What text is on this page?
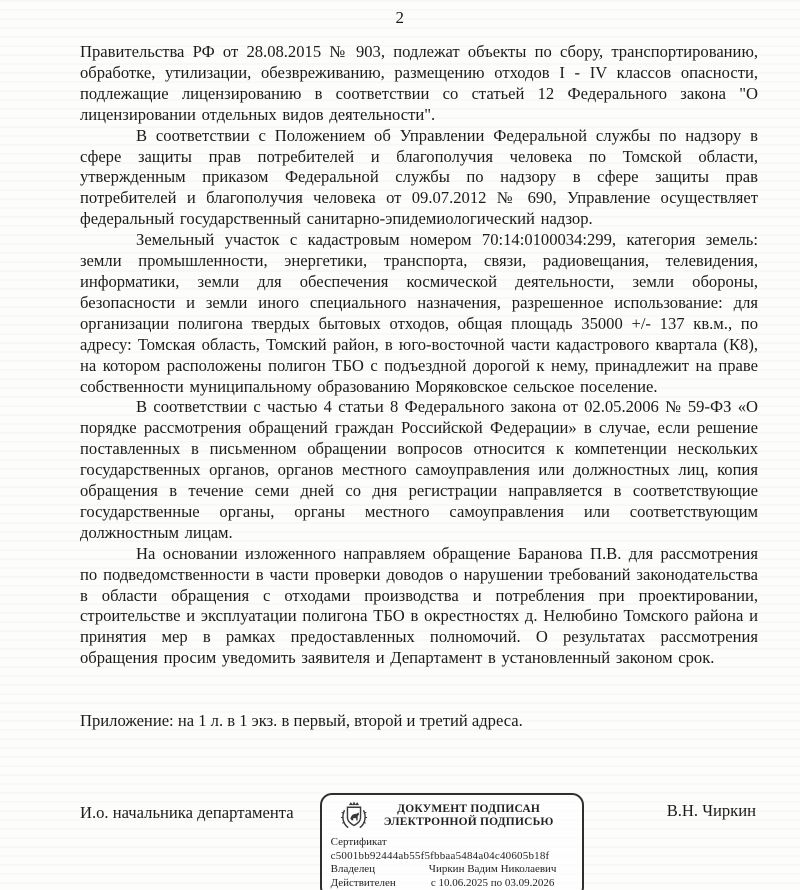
2

Правительства РФ от 28.08.2015 № 903, подлежат объекты по сбору, транспортированию, обработке, утилизации, обезвреживанию, размещению отходов I - IV классов опасности, подлежащие лицензированию в соответствии со статьей 12 Федерального закона "О лицензировании отдельных видов деятельности".

В соответствии с Положением об Управлении Федеральной службы по надзору в сфере защиты прав потребителей и благополучия человека по Томской области, утвержденным приказом Федеральной службы по надзору в сфере защиты прав потребителей и благополучия человека от 09.07.2012 № 690, Управление осуществляет федеральный государственный санитарно-эпидемиологический надзор.

Земельный участок с кадастровым номером 70:14:0100034:299, категория земель: земли промышленности, энергетики, транспорта, связи, радиовещания, телевидения, информатики, земли для обеспечения космической деятельности, земли обороны, безопасности и земли иного специального назначения, разрешенное использование: для организации полигона твердых бытовых отходов, общая площадь 35000 +/- 137 кв.м., по адресу: Томская область, Томский район, в юго-восточной части кадастрового квартала (К8), на котором расположены полигон ТБО с подъездной дорогой к нему, принадлежит на праве собственности муниципальному образованию Моряковское сельское поселение.

В соответствии с частью 4 статьи 8 Федерального закона от 02.05.2006 № 59-ФЗ «О порядке рассмотрения обращений граждан Российской Федерации» в случае, если решение поставленных в письменном обращении вопросов относится к компетенции нескольких государственных органов, органов местного самоуправления или должностных лиц, копия обращения в течение семи дней со дня регистрации направляется в соответствующие государственные органы, органы местного самоуправления или соответствующим должностным лицам.

На основании изложенного направляем обращение Баранова П.В. для рассмотрения по подведомственности в части проверки доводов о нарушении требований законодательства в области обращения с отходами производства и потребления при проектировании, строительстве и эксплуатации полигона ТБО в окрестностях д. Нелюбино Томского района и принятия мер в рамках предоставленных полномочий. О результатах рассмотрения обращения просим уведомить заявителя и Департамент в установленный законом срок.

Приложение: на 1 л. в 1 экз. в первый, второй и третий адреса.
И.о. начальника департамента	ДОКУМЕНТ ПОДПИСАН
ЭЛЕКТРОННОЙ ПОДПИСЬЮ
Сертификат
c5001bb92444ab55f5fbbaa5484a04c40605b18f
Владелец	Чиркин Вадим Николаевич
Действителен	с 10.06.2025 по 03.09.2026
В.Н. Чиркин
